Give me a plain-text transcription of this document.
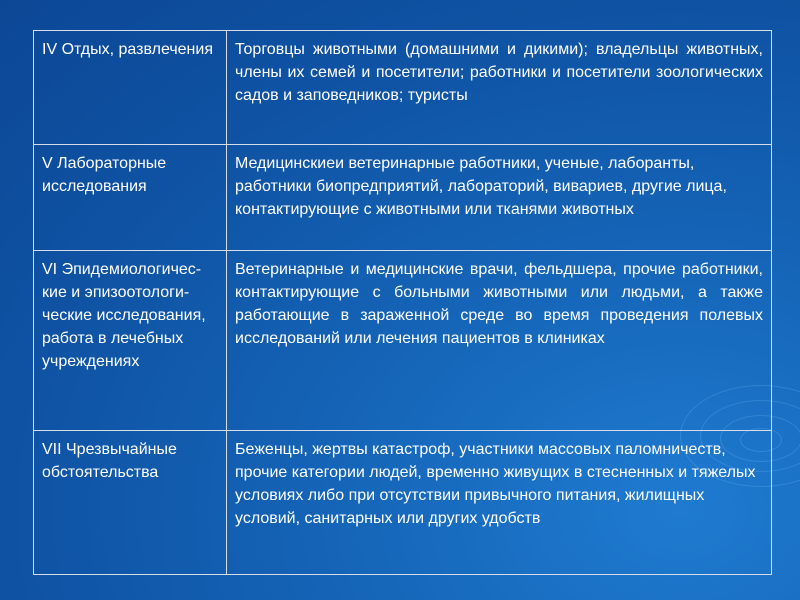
IV Отдых, развлечения	Торговцы животными (домашними и дикими); владельцы животных, члены их семей и посетители; работники и посетители зоологических садов и заповедников; туристы
V Лабораторные исследования	Медицинскиеи ветеринарные работники, ученые, лаборанты, работники биопредприятий, лабораторий, вивариев, другие лица, контактирующие с животными или тканями животных
VI Эпидемиологичес-кие и эпизоотологи-ческие исследования, работа в лечебных учреждениях	Ветеринарные и медицинские врачи, фельдшера, прочие работники, контактирующие с больными животными или людьми, а также работающие в зараженной среде во время проведения полевых исследований или лечения пациентов в клиниках
VII Чрезвычайные обстоятельства	Беженцы, жертвы катастроф, участники массовых паломничеств, прочие категории людей, временно живущих в стесненных и тяжелых условиях либо при отсутствии привычного питания, жилищных условий, санитарных или других удобств
